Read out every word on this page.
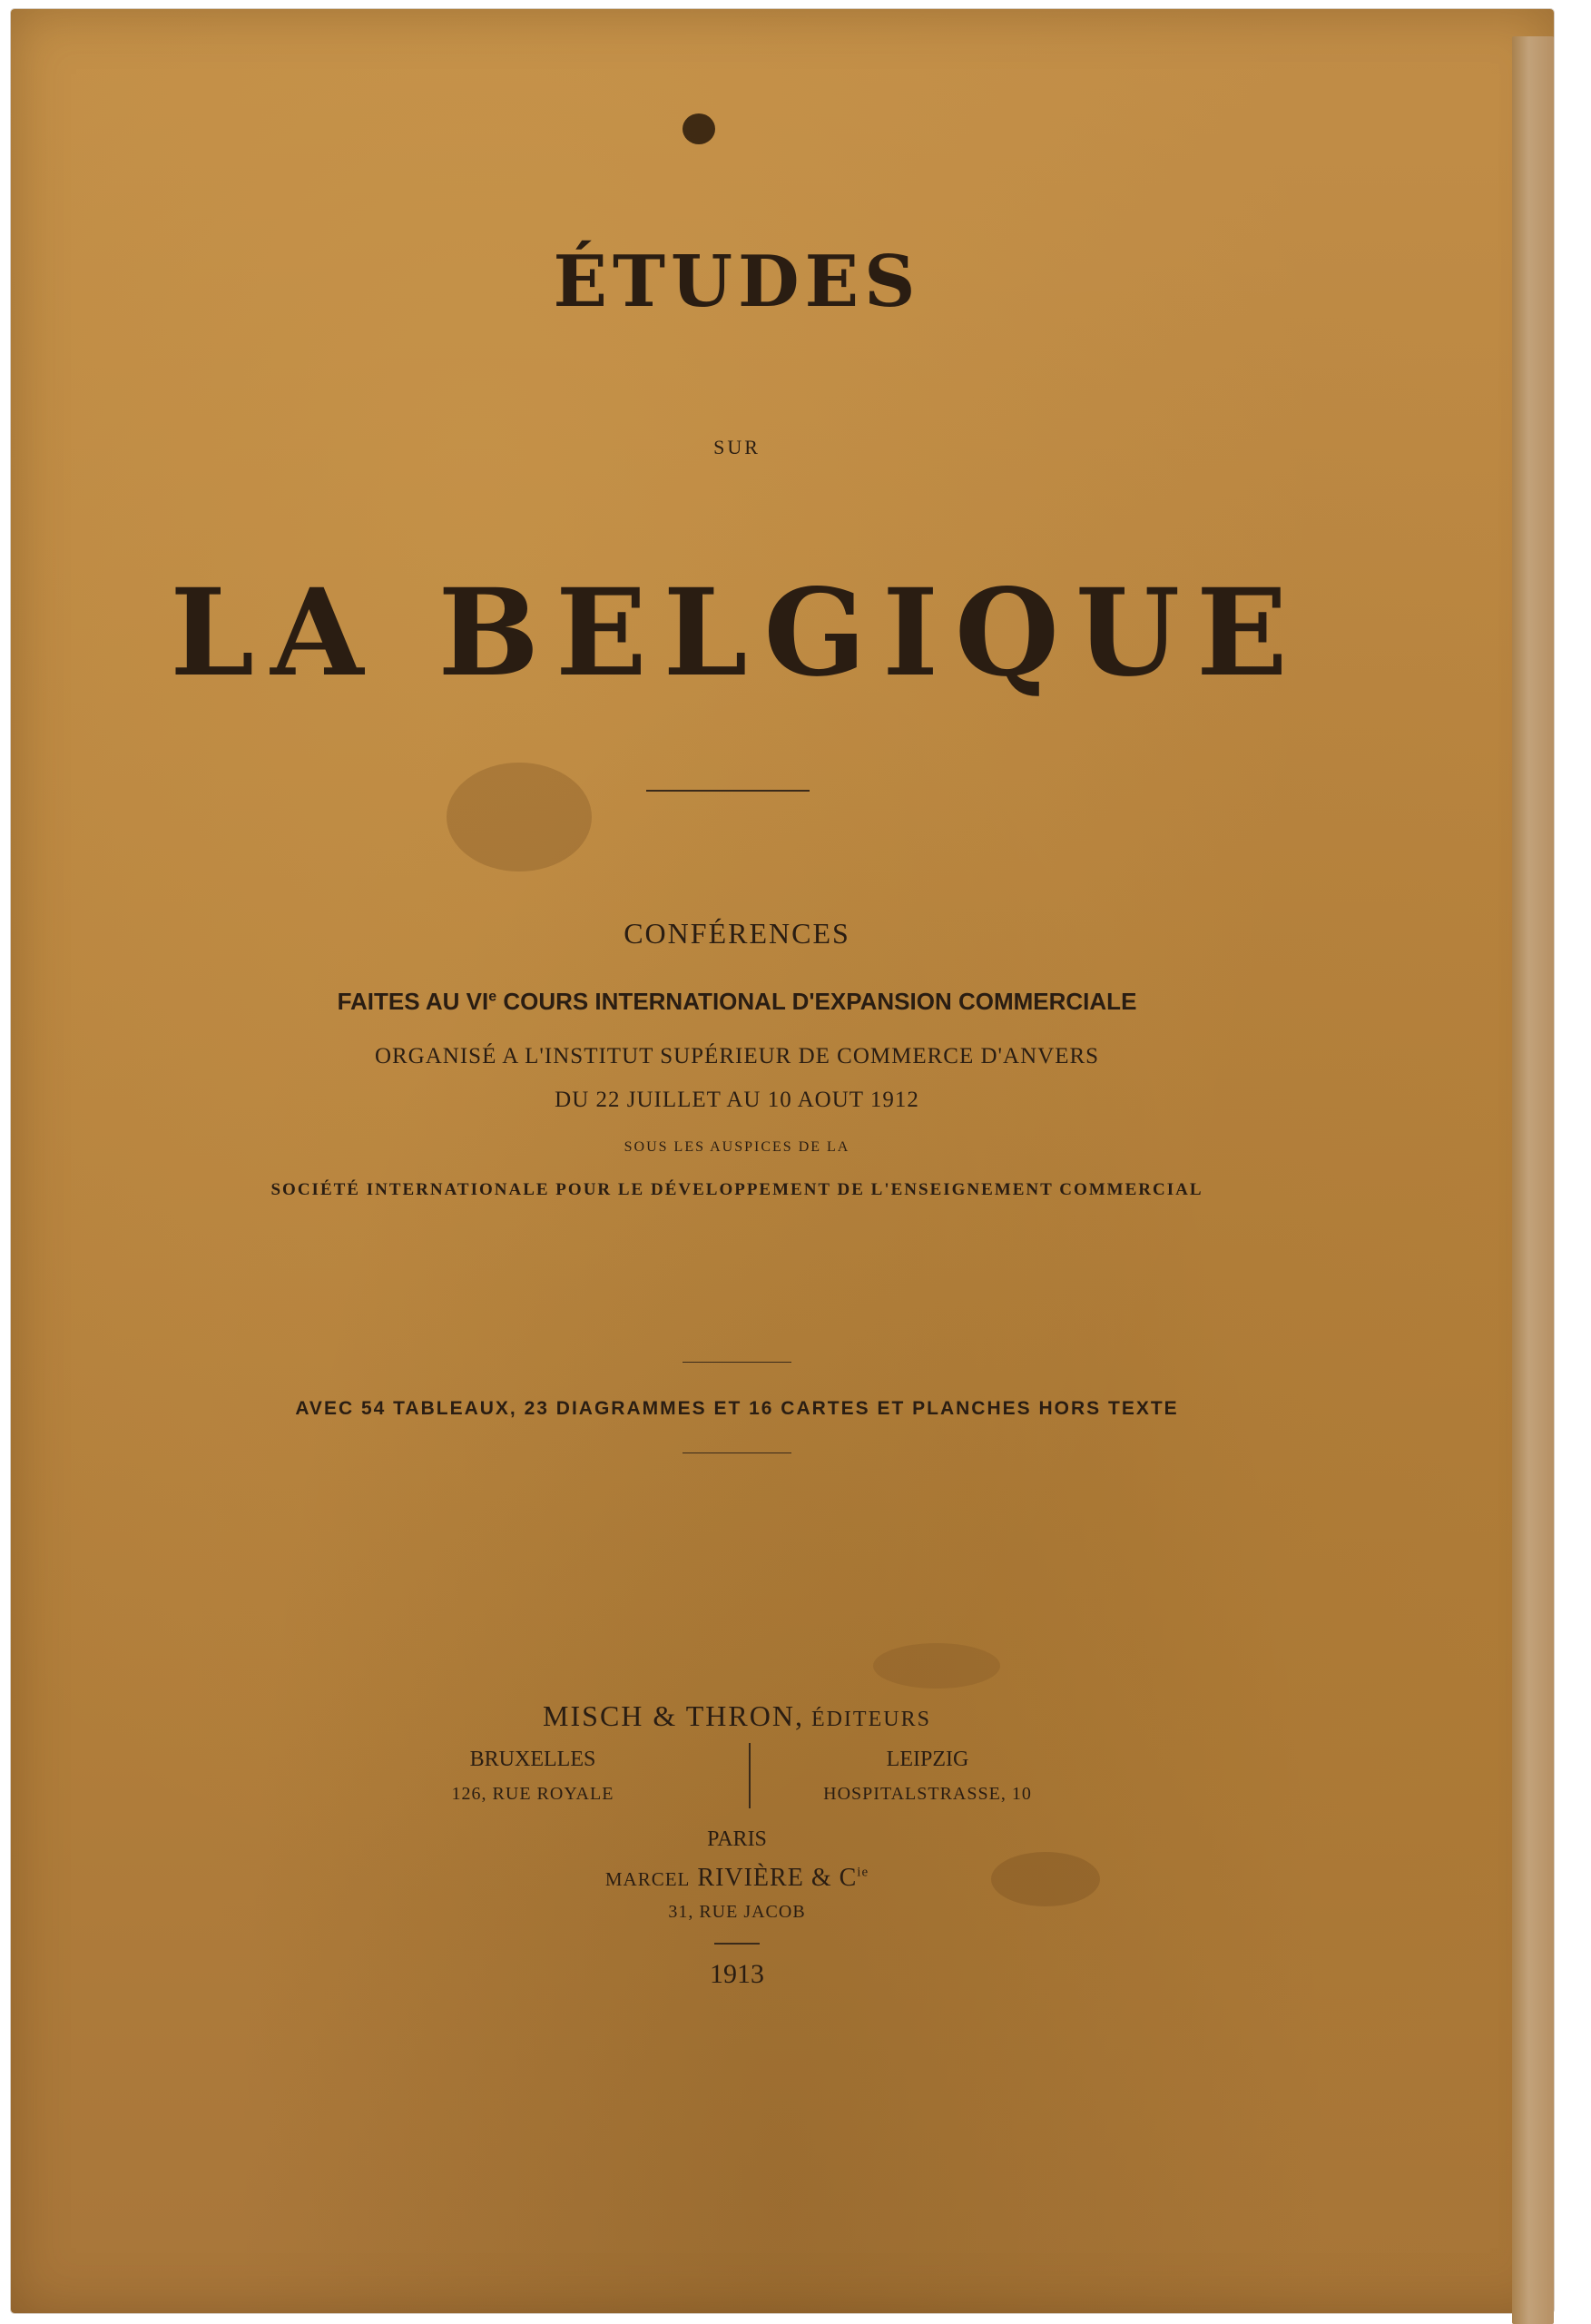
ÉTUDES
SUR
LA BELGIQUE
CONFÉRENCES
FAITES AU VIe COURS INTERNATIONAL D'EXPANSION COMMERCIALE
ORGANISÉ A L'INSTITUT SUPÉRIEUR DE COMMERCE D'ANVERS
DU 22 JUILLET AU 10 AOUT 1912
SOUS LES AUSPICES DE LA
SOCIÉTÉ INTERNATIONALE POUR LE DÉVELOPPEMENT DE L'ENSEIGNEMENT COMMERCIAL
AVEC 54 TABLEAUX, 23 DIAGRAMMES ET 16 CARTES ET PLANCHES HORS TEXTE
MISCH & THRON, ÉDITEURS
BRUXELLES
126, RUE ROYALE
LEIPZIG
HOSPITALSTRASSE, 10
PARIS
MARCEL RIVIÈRE & $C^{ie}$
31, RUE JACOB
1913
